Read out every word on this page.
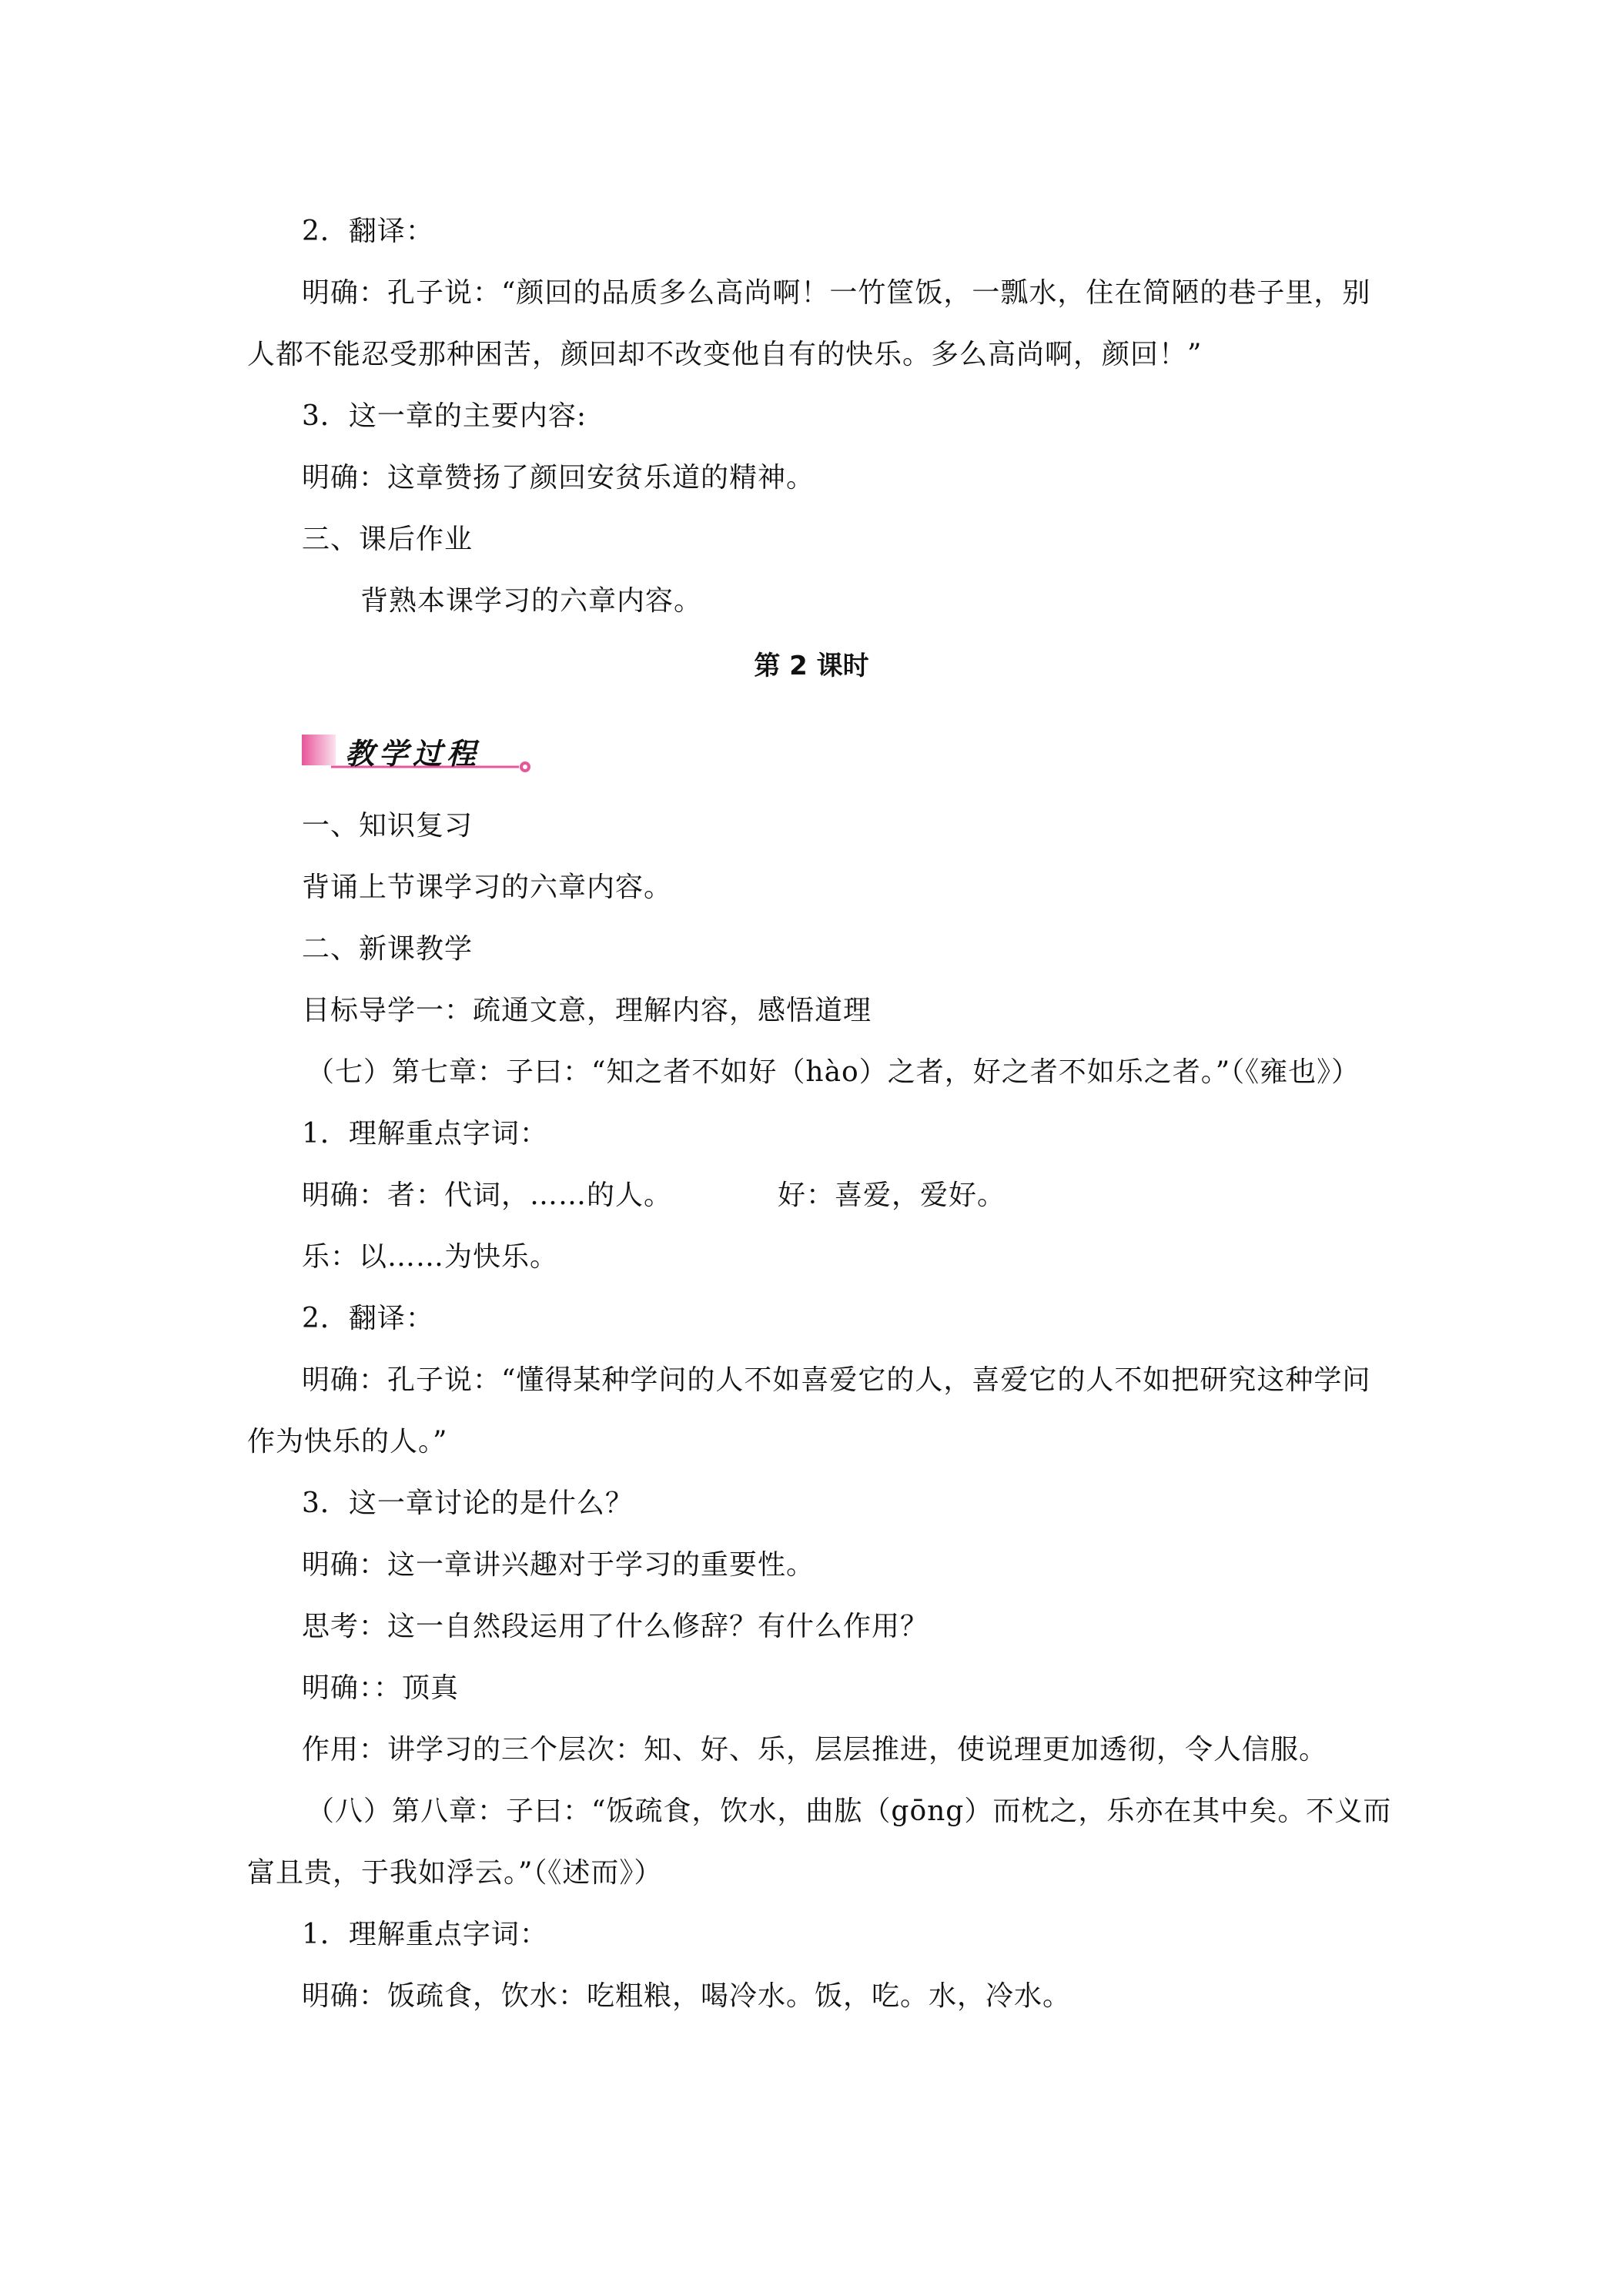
2．翻译：
明确：孔子说：“颜回的品质多么高尚啊！一竹筐饭，一瓢水，住在简陋的巷子里，别
人都不能忍受那种困苦，颜回却不改变他自有的快乐。多么高尚啊，颜回！”
3．这一章的主要内容:
明确：这章赞扬了颜回安贫乐道的精神。
三、课后作业
背熟本课学习的六章内容。
第 2 课时
教学过程
一、知识复习
背诵上节课学习的六章内容。
二、新课教学
目标导学一：疏通文意，理解内容，感悟道理
（七）第七章：子曰：“知之者不如好（hào）之者，好之者不如乐之者。”（《雍也》）
1．理解重点字词：
明确：者：代词，……的人。	好：喜爱，爱好。
乐：以……为快乐。
2．翻译：
明确：孔子说：“懂得某种学问的人不如喜爱它的人，喜爱它的人不如把研究这种学问
作为快乐的人。”
3．这一章讨论的是什么？
明确：这一章讲兴趣对于学习的重要性。
思考：这一自然段运用了什么修辞？有什么作用？
明确：：顶真
作用：讲学习的三个层次：知、好、乐，层层推进，使说理更加透彻，令人信服。
（八）第八章：子曰：“饭疏食，饮水，曲肱（gōng）而枕之，乐亦在其中矣。不义而
富且贵，于我如浮云。”（《述而》）
1．理解重点字词：
明确：饭疏食，饮水：吃粗粮，喝冷水。饭，吃。水，冷水。
